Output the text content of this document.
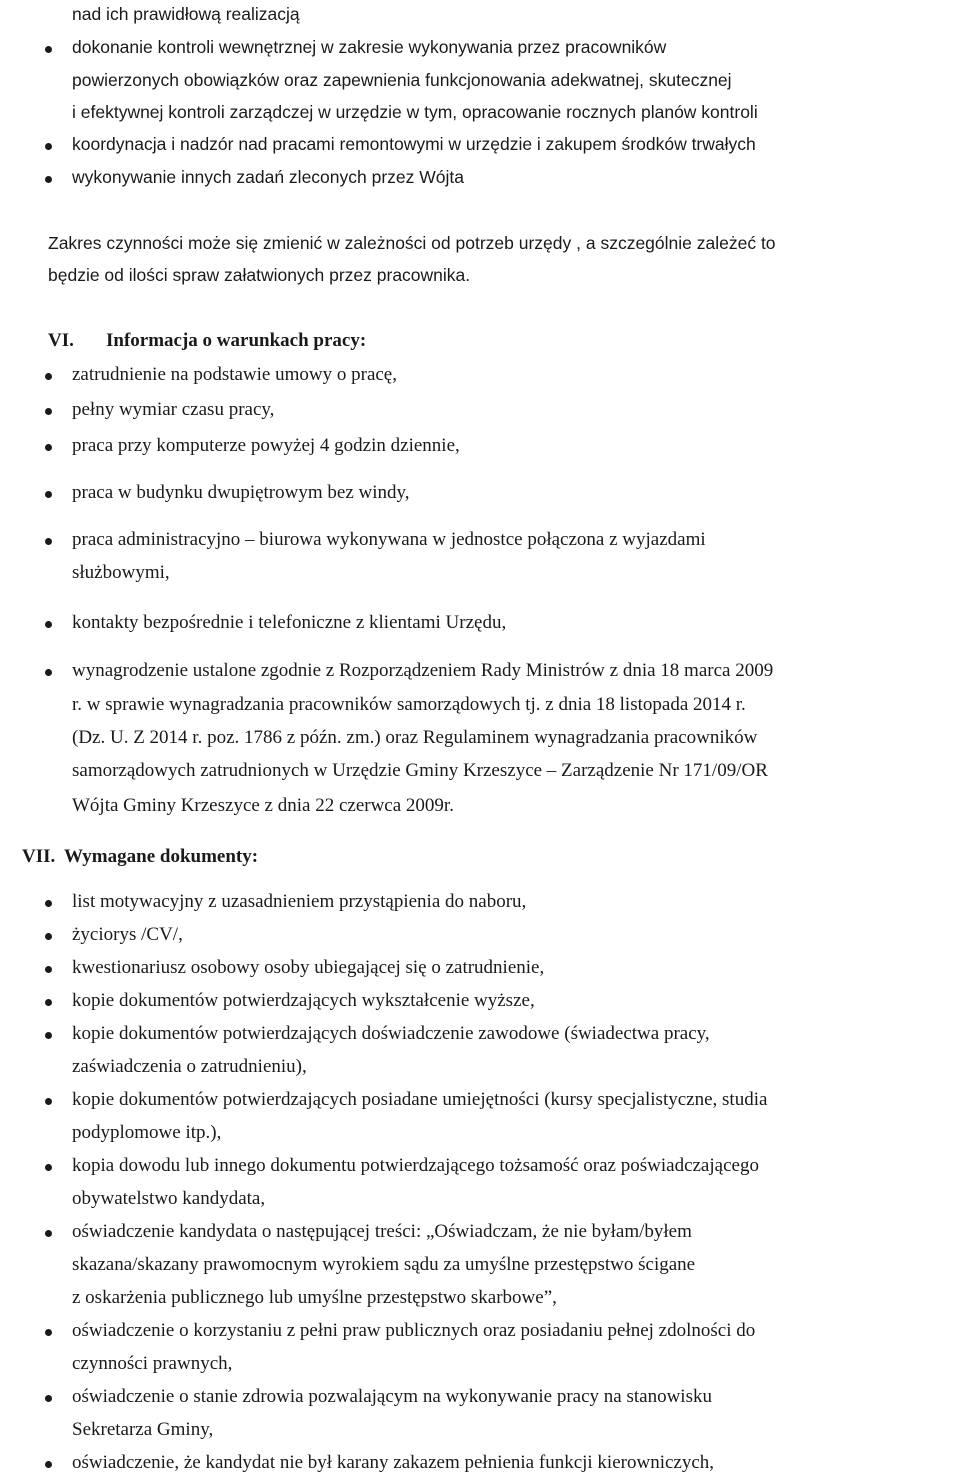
nad ich prawidłową realizacją
dokonanie kontroli wewnętrznej w zakresie wykonywania przez pracowników
powierzonych obowiązków oraz zapewnienia funkcjonowania adekwatnej, skutecznej
i efektywnej kontroli zarządczej w urzędzie w tym, opracowanie rocznych planów kontroli
koordynacja i nadzór nad pracami remontowymi w urzędzie i zakupem środków trwałych
wykonywanie innych zadań zleconych przez Wójta
Zakres czynności może się zmienić w zależności od potrzeb urzędy , a szczególnie zależeć to
będzie od ilości spraw załatwionych przez pracownika.
VI. Informacja o warunkach pracy:
zatrudnienie na podstawie umowy o pracę,
pełny wymiar czasu pracy,
praca przy komputerze powyżej 4 godzin dziennie,
praca w budynku dwupiętrowym bez windy,
praca administracyjno – biurowa wykonywana w jednostce połączona z wyjazdami
służbowymi,
kontakty bezpośrednie i telefoniczne z klientami Urzędu,
wynagrodzenie ustalone zgodnie z Rozporządzeniem Rady Ministrów z dnia 18 marca 2009
r. w sprawie wynagradzania pracowników samorządowych tj. z dnia 18 listopada 2014 r.
(Dz. U. Z 2014 r. poz. 1786 z późn. zm.) oraz Regulaminem wynagradzania pracowników
samorządowych zatrudnionych w Urzędzie Gminy Krzeszyce – Zarządzenie Nr 171/09/OR
Wójta Gminy Krzeszyce z dnia 22 czerwca 2009r.
VII. Wymagane dokumenty:
list motywacyjny z uzasadnieniem przystąpienia do naboru,
życiorys /CV/,
kwestionariusz osobowy osoby ubiegającej się o zatrudnienie,
kopie dokumentów potwierdzających wykształcenie wyższe,
kopie dokumentów potwierdzających doświadczenie zawodowe (świadectwa pracy,
zaświadczenia o zatrudnieniu),
kopie dokumentów potwierdzających posiadane umiejętności (kursy specjalistyczne, studia
podyplomowe itp.),
kopia dowodu lub innego dokumentu potwierdzającego tożsamość oraz poświadczającego
obywatelstwo kandydata,
oświadczenie kandydata o następującej treści: „Oświadczam, że nie byłam/byłem
skazana/skazany prawomocnym wyrokiem sądu za umyślne przestępstwo ścigane
z oskarżenia publicznego lub umyślne przestępstwo skarbowe”,
oświadczenie o korzystaniu z pełni praw publicznych oraz posiadaniu pełnej zdolności do
czynności prawnych,
oświadczenie o stanie zdrowia pozwalającym na wykonywanie pracy na stanowisku
Sekretarza Gminy,
oświadczenie, że kandydat nie był karany zakazem pełnienia funkcji kierowniczych,
